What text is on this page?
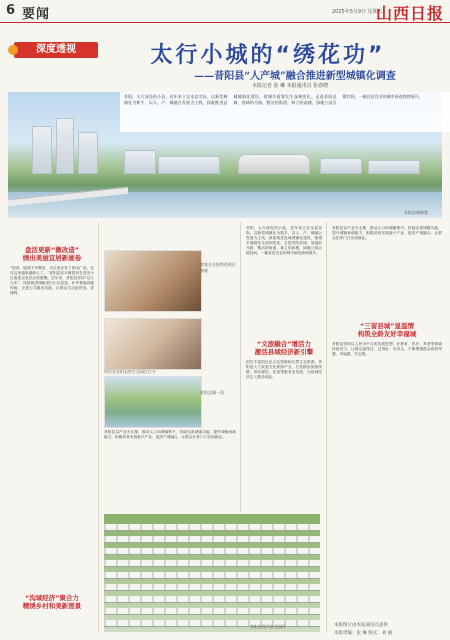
6 要闻	2025年5月9日 星期五
山西日报
深度透视	太行小城的“绣花功”
——昔阳县“人产城”融合推进新型城镇化调查
本报记者 张 琳 本报通讯员 张春晓
昔阳，太行深处的小县，近年来立足本县实际，以新型城镇化为抓手，以人、产、城融合发展为主线，探索推进县城城镇化建设，使城乡面貌发生深刻变化。走进昔阳县城，宽阔的马路、整洁的街道、林立的高楼，绿地公园点缀其间，一幅宜居宜业的城市画卷徐徐展开。
昔阳县城新貌
盘活更新“微改造”
绣出美丽宜居新画卷
“屋顶、墙面干净整洁，小区里还有了休闲广场，住在这里越来越舒心了。”昔阳县乐平镇居民在老旧小区改造完成后由衷感慨。近年来，昔阳县坚持“以人为本”，持续推进城镇老旧小区改造，补齐基础设施短板，完善公共服务功能，让群众生活更舒适、更便利。
“沟域经济”聚合力
精绣乡村和美新图景
游客在昔阳特色街区参观
村民在昔阳县的生态园区打卡
昔阳县城一角
昔阳县以产业为支撑，推动人口向城镇集中，持续完善城镇功能，提升城镇承载能力，积极培育发展新兴产业，促进产城融合，让群众在家门口实现就业。
昔阳，太行深处的小县，近年来立足本县实际，以新型城镇化为抓手，以人、产、城融合发展为主线，探索推进县城城镇化建设，使城乡面貌发生深刻变化。走进昔阳县城，宽阔的马路、整洁的街道、林立的高楼，绿地公园点缀其间，一幅宜居宜业的城市画卷徐徐展开。
“文旅融合”增活力
激活县域经济新引擎
依托丰富的红色文化资源和自然生态资源，昔阳县大力发展文化旅游产业，打造精品旅游线路，带动餐饮、住宿等服务业发展，为县域经济注入强劲动能。
昔阳县以产业为支撑，推动人口向城镇集中，持续完善城镇功能，提升城镇承载能力，积极培育发展新兴产业，促进产城融合，让群众在家门口实现就业。
“三留县城”显温情
构筑全龄友好幸福城
昔阳县坚持以人民为中心的发展思想，在教育、医疗、养老等领域持续发力，让群众留得住、过得好、有奔头，不断增强群众的获得感、幸福感、安全感。
本版图片由本报通讯员提供
本版责编：张 琳 版式：刘 丽
昔阳县现代农业园区
